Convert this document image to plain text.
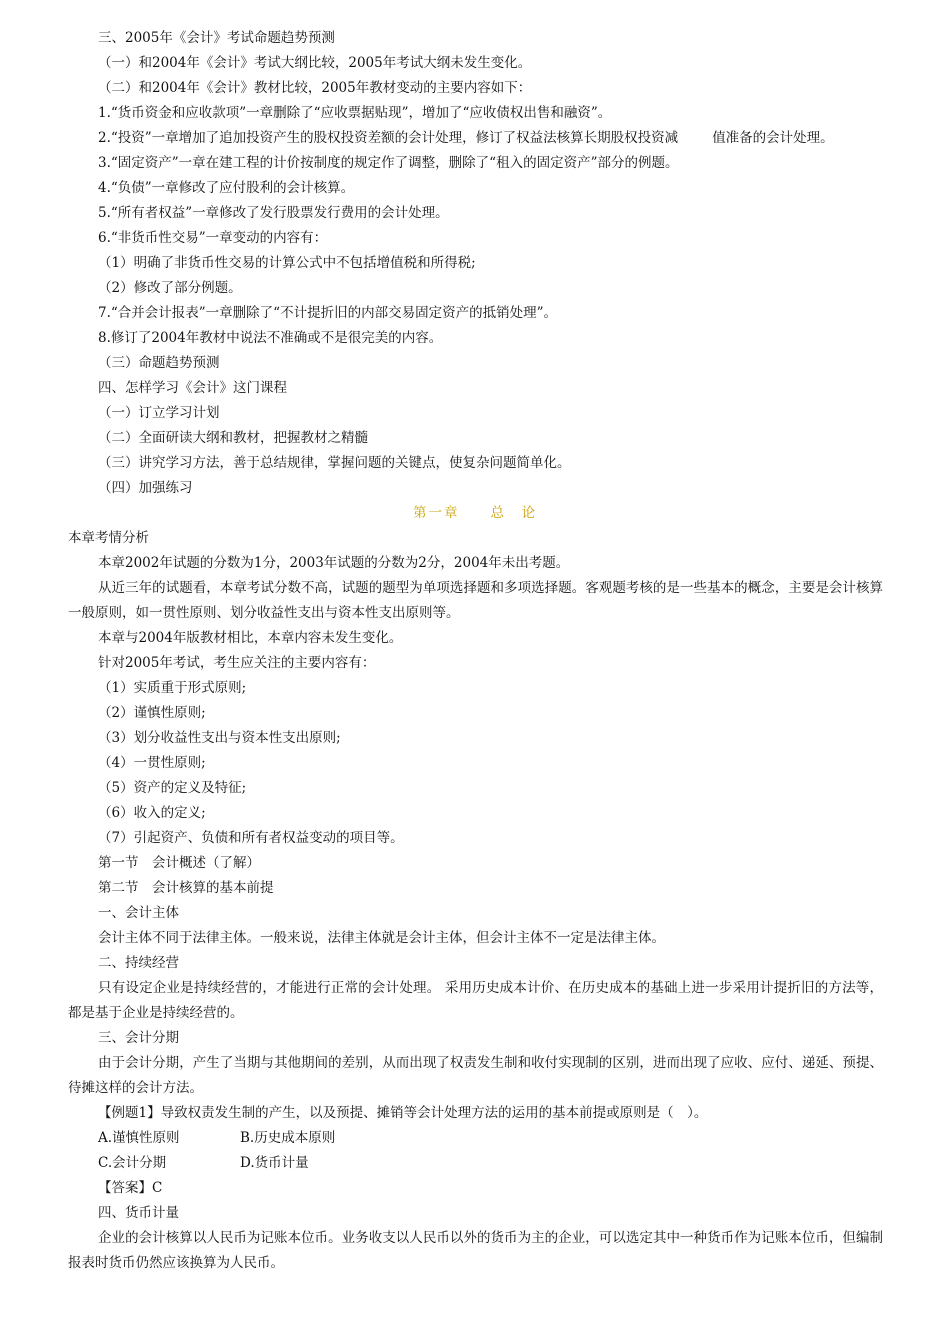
三、2005年《会计》考试命题趋势预测
（一）和2004年《会计》考试大纲比较，2005年考试大纲未发生变化。
（二）和2004年《会计》教材比较，2005年教材变动的主要内容如下：
1.“货币资金和应收款项”一章删除了“应收票据贴现”，增加了“应收债权出售和融资”。
2.“投资”一章增加了追加投资产生的股权投资差额的会计处理，修订了权益法核算长期股权投资减	值准备的会计处理。
3.“固定资产”一章在建工程的计价按制度的规定作了调整，删除了“租入的固定资产”部分的例题。
4.“负债”一章修改了应付股利的会计核算。
5.“所有者权益”一章修改了发行股票发行费用的会计处理。
6.“非货币性交易”一章变动的内容有：
（1）明确了非货币性交易的计算公式中不包括增值税和所得税;
（2）修改了部分例题。
7.“合并会计报表”一章删除了“不计提折旧的内部交易固定资产的抵销处理”。
8.修订了2004年教材中说法不准确或不是很完美的内容。
（三）命题趋势预测
四、怎样学习《会计》这门课程
（一）订立学习计划
（二）全面研读大纲和教材，把握教材之精髓
（三）讲究学习方法，善于总结规律，掌握问题的关键点，使复杂问题简单化。
（四）加强练习
第一章　　 总　论
本章考情分析
本章2002年试题的分数为1分，2003年试题的分数为2分，2004年未出考题。
从近三年的试题看，本章考试分数不高，试题的题型为单项选择题和多项选择题。客观题考核的是一些基本的概念，主要是会计核算一般原则，如一贯性原则、划分收益性支出与资本性支出原则等。
本章与2004年版教材相比，本章内容未发生变化。
针对2005年考试，考生应关注的主要内容有：
（1）实质重于形式原则;
（2）谨慎性原则;
（3）划分收益性支出与资本性支出原则;
（4）一贯性原则;
（5）资产的定义及特征;
（6）收入的定义;
（7）引起资产、负债和所有者权益变动的项目等。
第一节　会计概述（了解）
第二节　会计核算的基本前提
一、会计主体
会计主体不同于法律主体。一般来说，法律主体就是会计主体，但会计主体不一定是法律主体。
二、持续经营
只有设定企业是持续经营的，才能进行正常的会计处理。 采用历史成本计价、在历史成本的基础上进一步采用计提折旧的方法等，都是基于企业是持续经营的。
三、会计分期
由于会计分期，产生了当期与其他期间的差别，从而出现了权责发生制和收付实现制的区别，进而出现了应收、应付、递延、预提、待摊这样的会计方法。
【例题1】导致权责发生制的产生，以及预提、摊销等会计处理方法的运用的基本前提或原则是（　）。
A.谨慎性原则	B.历史成本原则
C.会计分期	D.货币计量
【答案】C
四、货币计量
企业的会计核算以人民币为记账本位币。业务收支以人民币以外的货币为主的企业，可以选定其中一种货币作为记账本位币，但编制报表时货币仍然应该换算为人民币。
